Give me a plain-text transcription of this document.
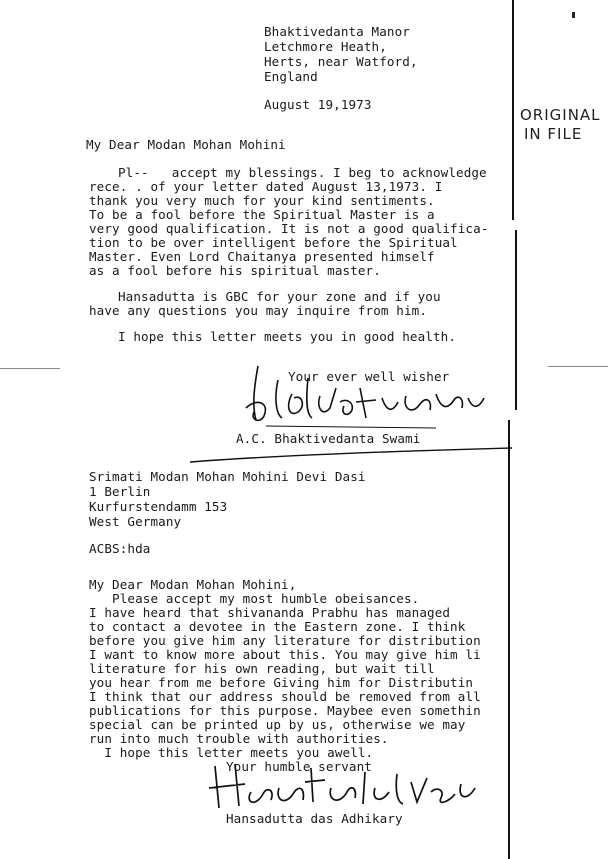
Bhaktivedanta Manor
Letchmore Heath,
Herts, near Watford,
England
August 19,1973
ORIGINAL
IN FILE
My Dear Modan Mohan Mohini
Pl--   accept my blessings. I beg to acknowledge
rece. . of your letter dated August 13,1973. I
thank you very much for your kind sentiments.
To be a fool before the Spiritual Master is a
very good qualification. It is not a good qualifica-
tion to be over intelligent before the Spiritual
Master. Even Lord Chaitanya presented himself
as a fool before his spiritual master.
Hansadutta is GBC for your zone and if you
have any questions you may inquire from him.
I hope this letter meets you in good health.
Your ever well wisher
A.C. Bhaktivedanta Swami
Srimati Modan Mohan Mohini Devi Dasi
1 Berlin
Kurfurstendamm 153
West Germany
ACBS:hda
My Dear Modan Mohan Mohini,
Please accept my most humble obeisances.
I have heard that shivananda Prabhu has managed
to contact a devotee in the Eastern zone. I think
before you give him any literature for distribution
I want to know more about this. You may give him li
literature for his own reading, but wait till
you hear from me before Giving him for Distributin
I think that our address should be removed from all
publications for this purpose. Maybee even somethin
special can be printed up by us, otherwise we may
run into much trouble with authorities.
I hope this letter meets you awell.
Your humble servant
Hansadutta das Adhikary
